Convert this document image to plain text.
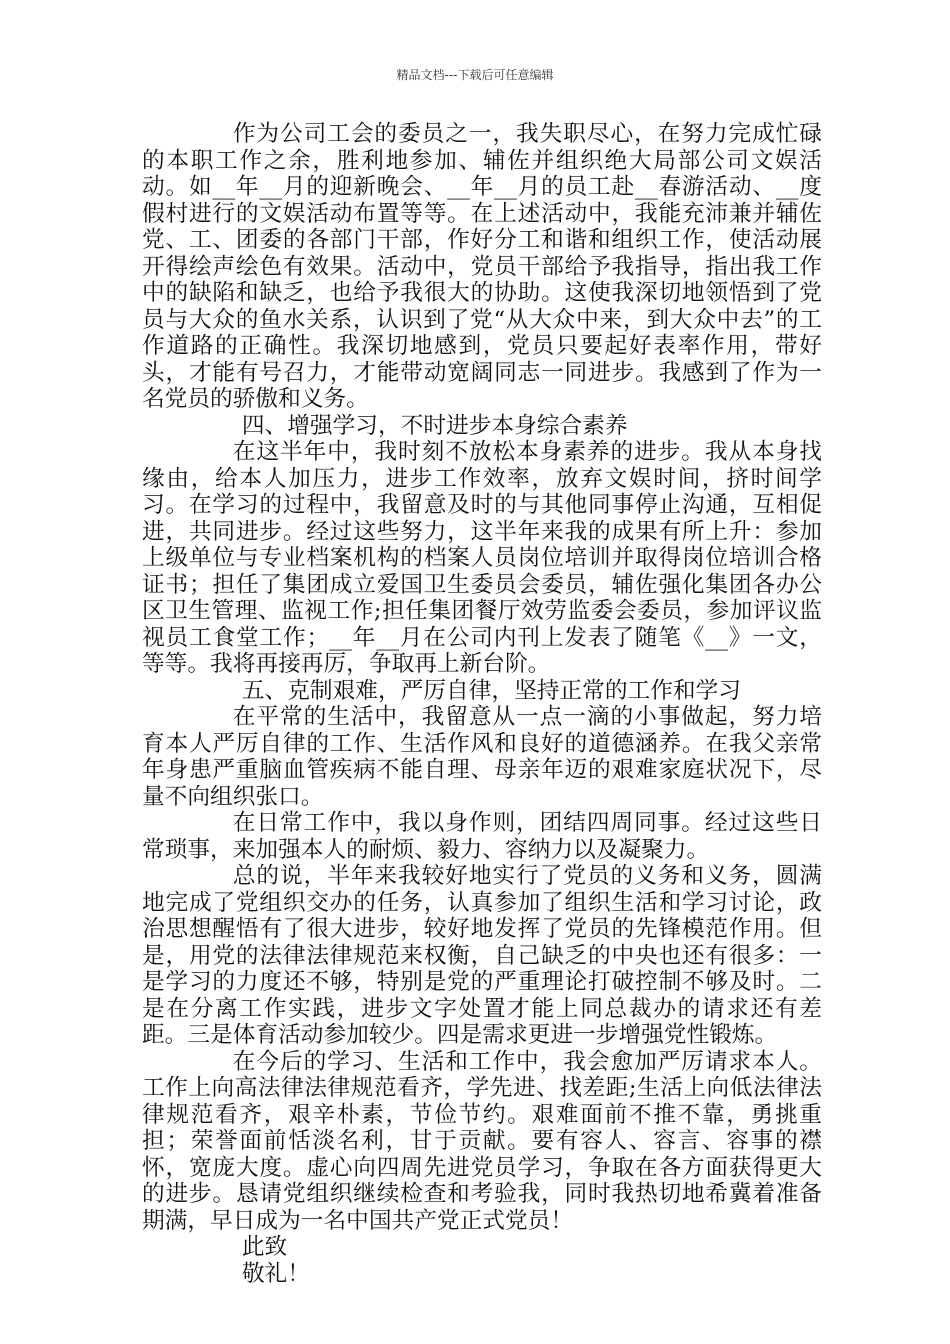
精品文档---下载后可任意编辑

作为公司工会的委员之一，我失职尽心，在努力完成忙碌的本职工作之余，胜利地参加、辅佐并组织绝大局部公司文娱活动。如__年__月的迎新晚会、__年__月的员工赴__春游活动、__度假村进行的文娱活动布置等等。在上述活动中，我能充沛兼并辅佐党、工、团委的各部门干部，作好分工和谐和组织工作，使活动展开得绘声绘色有效果。活动中，党员干部给予我指导，指出我工作中的缺陷和缺乏，也给予我很大的协助。这使我深切地领悟到了党员与大众的鱼水关系，认识到了党“从大众中来，到大众中去”的工作道路的正确性。我深切地感到，党员只要起好表率作用，带好头，才能有号召力，才能带动宽阔同志一同进步。我感到了作为一名党员的骄傲和义务。

四、增强学习，不时进步本身综合素养

在这半年中，我时刻不放松本身素养的进步。我从本身找缘由，给本人加压力，进步工作效率，放弃文娱时间，挤时间学习。在学习的过程中，我留意及时的与其他同事停止沟通，互相促进，共同进步。经过这些努力，这半年来我的成果有所上升：参加上级单位与专业档案机构的档案人员岗位培训并取得岗位培训合格证书；担任了集团成立爱国卫生委员会委员，辅佐强化集团各办公区卫生管理、监视工作;担任集团餐厅效劳监委会委员，参加评议监视员工食堂工作；__年__月在公司内刊上发表了随笔《__》一文，等等。我将再接再厉，争取再上新台阶。

五、克制艰难，严厉自律，坚持正常的工作和学习

在平常的生活中，我留意从一点一滴的小事做起，努力培育本人严厉自律的工作、生活作风和良好的道德涵养。在我父亲常年身患严重脑血管疾病不能自理、母亲年迈的艰难家庭状况下，尽量不向组织张口。

在日常工作中，我以身作则，团结四周同事。经过这些日常琐事，来加强本人的耐烦、毅力、容纳力以及凝聚力。

总的说，半年来我较好地实行了党员的义务和义务，圆满地完成了党组织交办的任务，认真参加了组织生活和学习讨论，政治思想醒悟有了很大进步，较好地发挥了党员的先锋模范作用。但是，用党的法律法律规范来权衡，自己缺乏的中央也还有很多：一是学习的力度还不够，特别是党的严重理论打破控制不够及时。二是在分离工作实践，进步文字处置才能上同总裁办的请求还有差距。三是体育活动参加较少。四是需求更进一步增强党性锻炼。

在今后的学习、生活和工作中，我会愈加严厉请求本人。工作上向高法律法律规范看齐，学先进、找差距;生活上向低法律法律规范看齐，艰辛朴素，节俭节约。艰难面前不推不靠，勇挑重担；荣誉面前恬淡名利，甘于贡献。要有容人、容言、容事的襟怀，宽庞大度。虚心向四周先进党员学习，争取在各方面获得更大的进步。恳请党组织继续检查和考验我，同时我热切地希冀着准备期满，早日成为一名中国共产党正式党员！

此致

敬礼！
